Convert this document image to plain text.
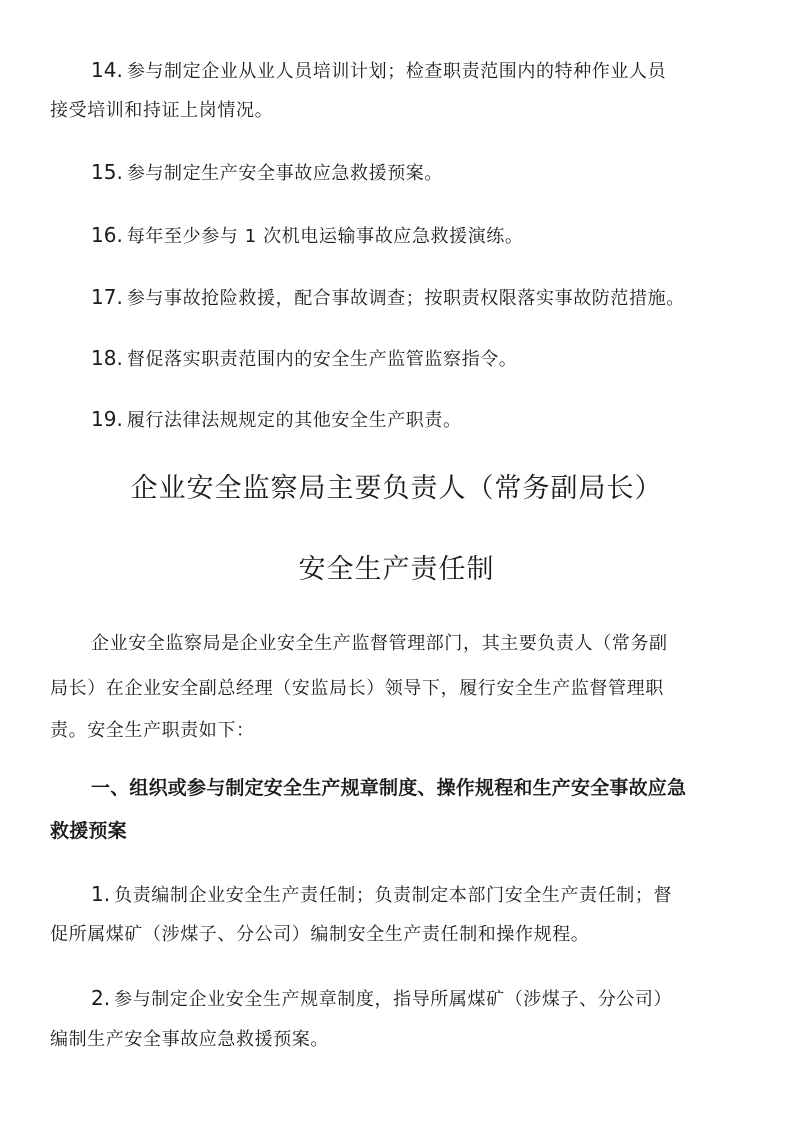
14. 参与制定企业从业人员培训计划；检查职责范围内的特种作业人员
接受培训和持证上岗情况。
15. 参与制定生产安全事故应急救援预案。
16. 每年至少参与 1 次机电运输事故应急救援演练。
17. 参与事故抢险救援，配合事故调查；按职责权限落实事故防范措施。
18. 督促落实职责范围内的安全生产监管监察指令。
19. 履行法律法规规定的其他安全生产职责。
企业安全监察局主要负责人（常务副局长）
安全生产责任制
企业安全监察局是企业安全生产监督管理部门，其主要负责人（常务副
局长）在企业安全副总经理（安监局长）领导下，履行安全生产监督管理职
责。安全生产职责如下：
一、组织或参与制定安全生产规章制度、操作规程和生产安全事故应急
救援预案
1. 负责编制企业安全生产责任制；负责制定本部门安全生产责任制；督
促所属煤矿（涉煤子、分公司）编制安全生产责任制和操作规程。
2. 参与制定企业安全生产规章制度，指导所属煤矿（涉煤子、分公司）
编制生产安全事故应急救援预案。
